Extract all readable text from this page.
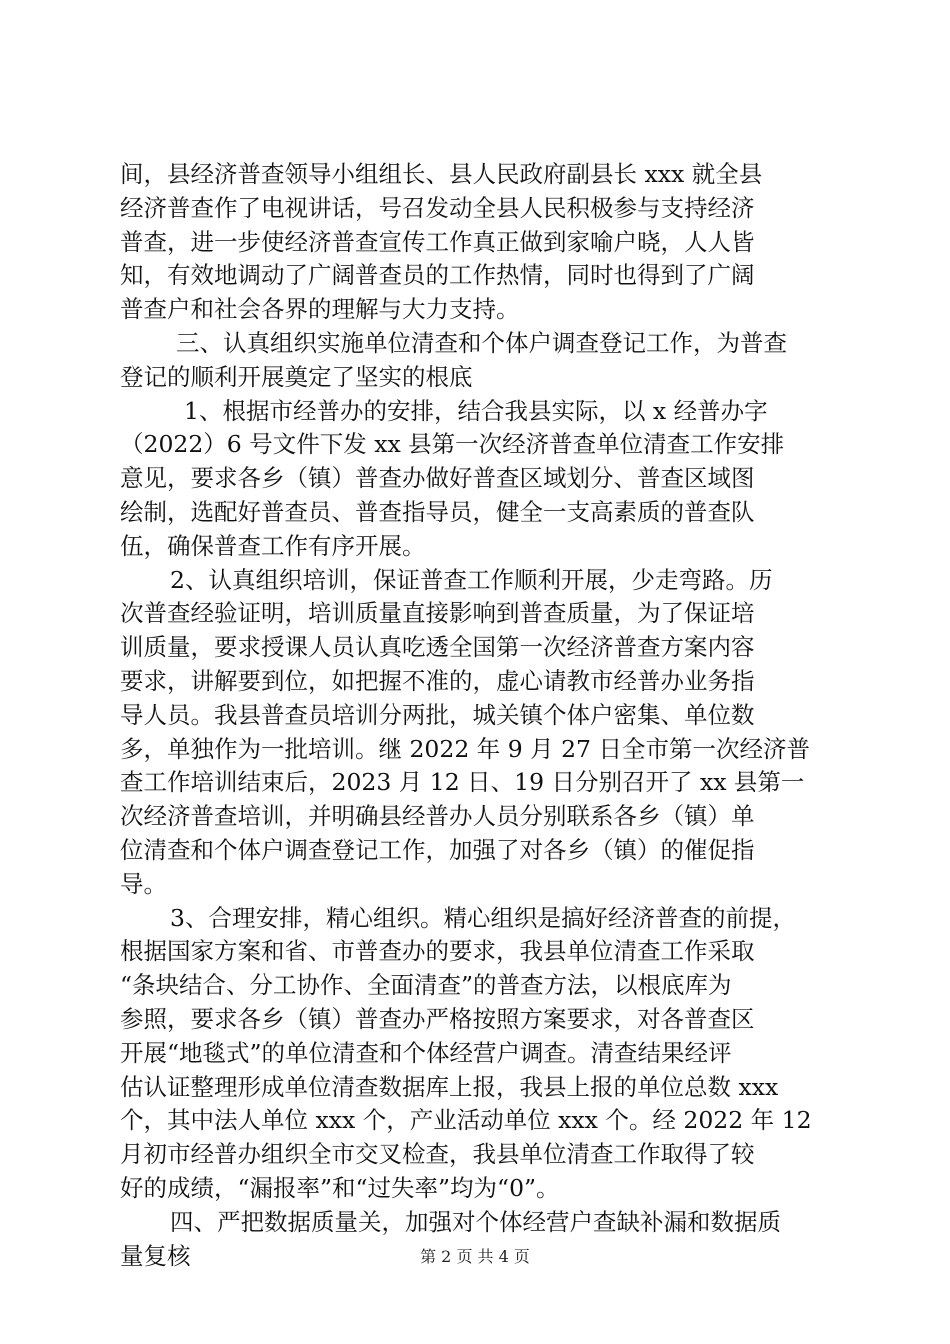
间，县经济普查领导小组组长、县人民政府副县长 xxx 就全县
经济普查作了电视讲话，号召发动全县人民积极参与支持经济
普查，进一步使经济普查宣传工作真正做到家喻户晓，人人皆
知，有效地调动了广阔普查员的工作热情，同时也得到了广阔
普查户和社会各界的理解与大力支持。
三、认真组织实施单位清查和个体户调查登记工作，为普查
登记的顺利开展奠定了坚实的根底
1、根据市经普办的安排，结合我县实际，以 x 经普办字
（2022）6 号文件下发 xx 县第一次经济普查单位清查工作安排
意见，要求各乡（镇）普查办做好普查区域划分、普查区域图
绘制，选配好普查员、普查指导员，健全一支高素质的普查队
伍，确保普查工作有序开展。
2、认真组织培训，保证普查工作顺利开展，少走弯路。历
次普查经验证明，培训质量直接影响到普查质量，为了保证培
训质量，要求授课人员认真吃透全国第一次经济普查方案内容
要求，讲解要到位，如把握不准的，虚心请教市经普办业务指
导人员。我县普查员培训分两批，城关镇个体户密集、单位数
多，单独作为一批培训。继 2022 年 9 月 27 日全市第一次经济普
查工作培训结束后，2023 月 12 日、19 日分别召开了 xx 县第一
次经济普查培训，并明确县经普办人员分别联系各乡（镇）单
位清查和个体户调查登记工作，加强了对各乡（镇）的催促指
导。
3、合理安排，精心组织。精心组织是搞好经济普查的前提，
根据国家方案和省、市普查办的要求，我县单位清查工作采取
“条块结合、分工协作、全面清查”的普查方法，以根底库为
参照，要求各乡（镇）普查办严格按照方案要求，对各普查区
开展“地毯式”的单位清查和个体经营户调查。清查结果经评
估认证整理形成单位清查数据库上报，我县上报的单位总数 xxx
个，其中法人单位 xxx 个，产业活动单位 xxx 个。经 2022 年 12
月初市经普办组织全市交叉检查，我县单位清查工作取得了较
好的成绩，“漏报率”和“过失率”均为“0”。
四、严把数据质量关，加强对个体经营户查缺补漏和数据质
量复核	第 2 页 共 4 页
